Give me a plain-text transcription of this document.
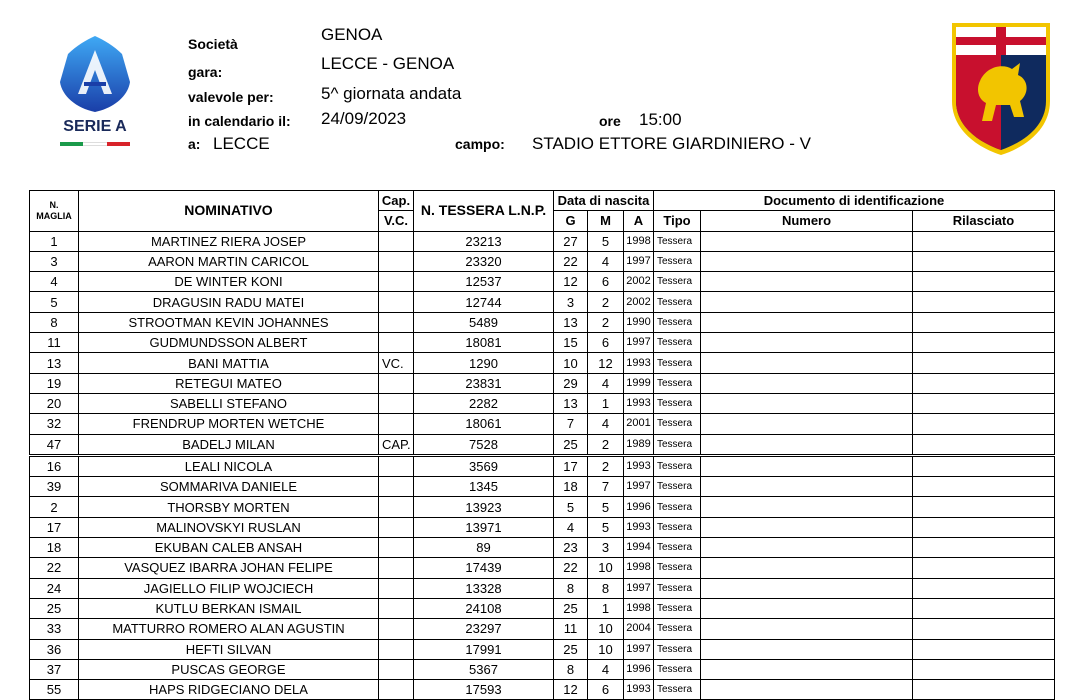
SERIE A
Società	GENOA
gara:	LECCE - GENOA
valevole per:	5^ giornata andata
in calendario il: 24/09/2023	ore 15:00
a: LECCE	campo: STADIO ETTORE GIARDINIERO - V
N.
MAGLIA	NOMINATIVO	Cap.	N. TESSERA L.N.P.	Data di nascita			Documento di identificazione		
		V.C.		G	M	A	Tipo	Numero	Rilasciato
1	MARTINEZ RIERA JOSEP		23213	27	5	1998	Tessera		
3	AARON MARTIN CARICOL		23320	22	4	1997	Tessera		
4	DE WINTER KONI		12537	12	6	2002	Tessera		
5	DRAGUSIN RADU MATEI		12744	3	2	2002	Tessera		
8	STROOTMAN KEVIN JOHANNES		5489	13	2	1990	Tessera		
11	GUDMUNDSSON ALBERT		18081	15	6	1997	Tessera		
13	BANI MATTIA	VC.	1290	10	12	1993	Tessera		
19	RETEGUI MATEO		23831	29	4	1999	Tessera		
20	SABELLI STEFANO		2282	13	1	1993	Tessera		
32	FRENDRUP MORTEN WETCHE		18061	7	4	2001	Tessera		
47	BADELJ MILAN	CAP.	7528	25	2	1989	Tessera		
16	LEALI NICOLA		3569	17	2	1993	Tessera		
39	SOMMARIVA DANIELE		1345	18	7	1997	Tessera		
2	THORSBY MORTEN		13923	5	5	1996	Tessera		
17	MALINOVSKYI RUSLAN		13971	4	5	1993	Tessera		
18	EKUBAN CALEB ANSAH		89	23	3	1994	Tessera		
22	VASQUEZ IBARRA JOHAN FELIPE		17439	22	10	1998	Tessera		
24	JAGIELLO FILIP WOJCIECH		13328	8	8	1997	Tessera		
25	KUTLU BERKAN ISMAIL		24108	25	1	1998	Tessera		
33	MATTURRO ROMERO ALAN AGUSTIN		23297	11	10	2004	Tessera		
36	HEFTI SILVAN		17991	25	10	1997	Tessera		
37	PUSCAS GEORGE		5367	8	4	1996	Tessera		
55	HAPS RIDGECIANO DELA		17593	12	6	1993	Tessera		
